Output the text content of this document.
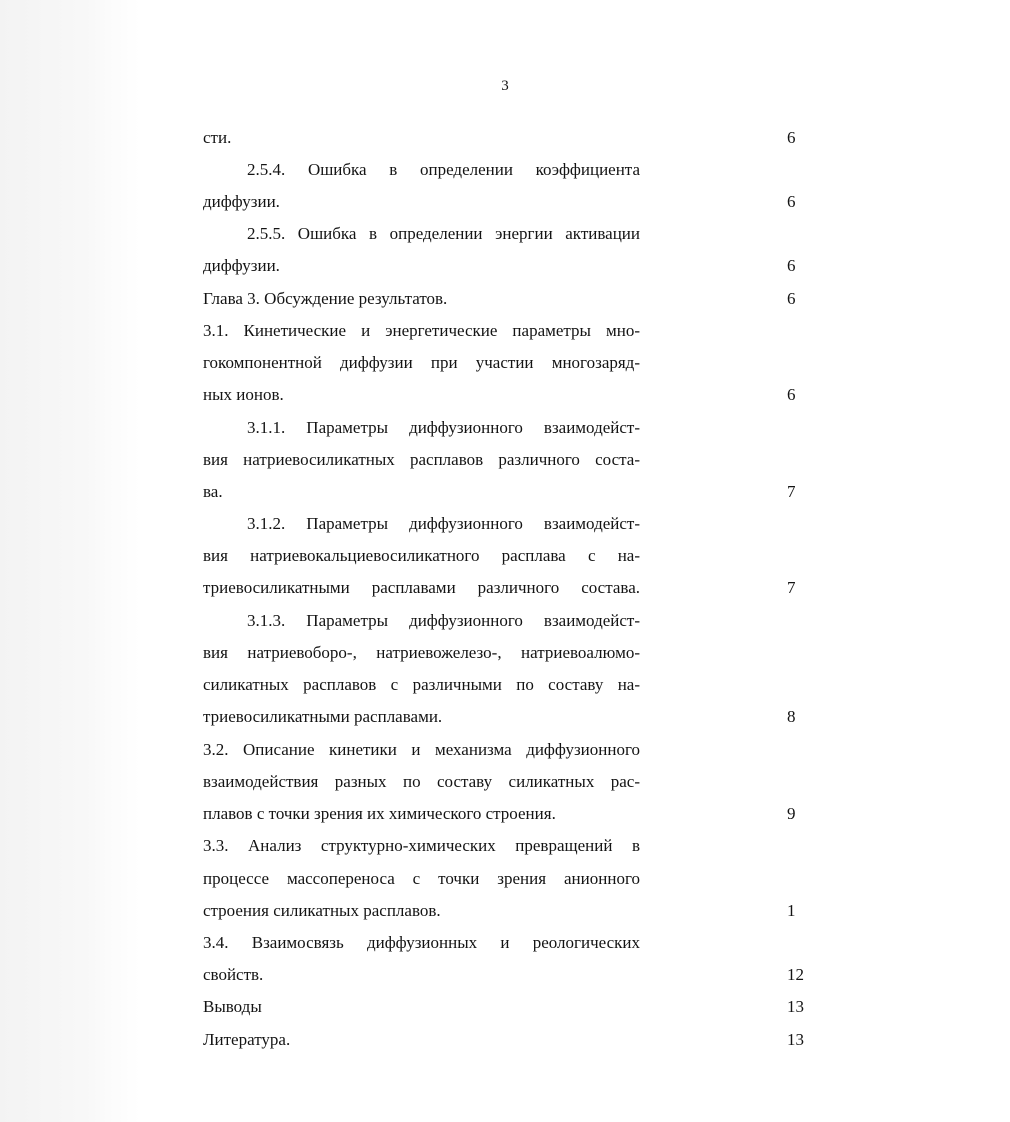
3
сти.
2.5.4. Ошибка в определении коэффициента
диффузии.
2.5.5. Ошибка в определении энергии активации
диффузии.
Глава 3. Обсуждение результатов.
3.1. Кинетические и энергетические параметры мно-
гокомпонентной диффузии при участии многозаряд-
ных ионов.
3.1.1. Параметры диффузионного взаимодейст-
вия натриевосиликатных расплавов различного соста-
ва.
3.1.2. Параметры диффузионного взаимодейст-
вия натриевокальциевосиликатного расплава с на-
триевосиликатными расплавами различного состава.
3.1.3. Параметры диффузионного взаимодейст-
вия натриевоборо-, натриевожелезо-, натриевоалюмо-
силикатных расплавов с различными по составу на-
триевосиликатными расплавами.
3.2. Описание кинетики и механизма диффузионного
взаимодействия разных по составу силикатных рас-
плавов с точки зрения их химического строения.
3.3. Анализ структурно-химических превращений в
процессе массопереноса с точки зрения анионного
строения силикатных расплавов.
3.4. Взаимосвязь диффузионных и реологических
свойств.
Выводы
Литература.
6
6
6
6
6
7
7
8
9
1
12
13
13
